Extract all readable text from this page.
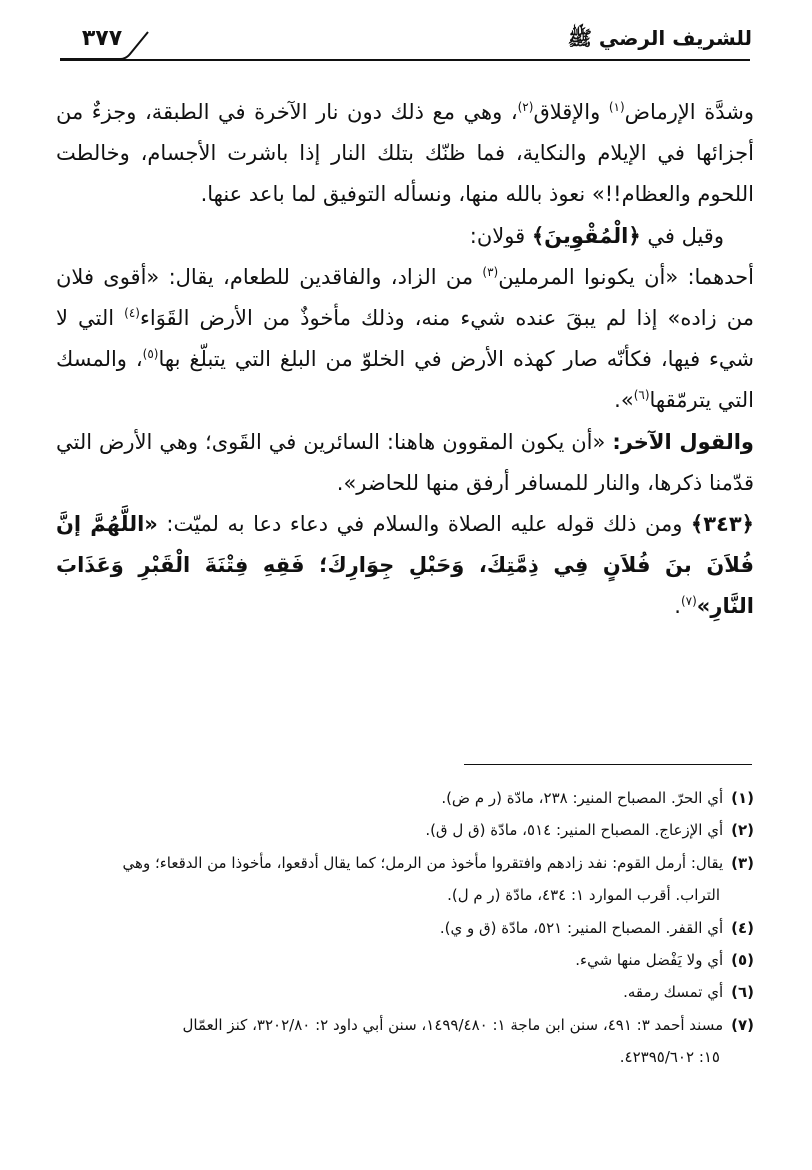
٣٧٧	للشريف الرضي ﷺ

وشدَّة الإرماض$^{(١)}$ والإقلاق$^{(٢)}$، وهي مع ذلك دون نار الآخرة في الطبقة، وجزءٌ من أجزائها في الإيلام والنكاية، فما ظنّك بتلك النار إذا باشرت الأجسام، وخالطت اللحوم والعظام!!» نعوذ بالله منها، ونسأله التوفيق لما باعد عنها.

وقيل في ﴿الْمُقْوِينَ﴾ قولان:

أحدهما: «أن يكونوا المرملين$^{(٣)}$ من الزاد، والفاقدين للطعام، يقال: «أقوى فلان من زاده» إذا لم يبقَ عنده شيء منه، وذلك مأخوذٌ من الأرض القَوَاء$^{(٤)}$ التي لا شيء فيها، فكأنّه صار كهذه الأرض في الخلوّ من البلغ التي يتبلّغ بها$^{(٥)}$، والمسك التي يترمّقها$^{(٦)}$».

والقول الآخر: «أن يكون المقوون هاهنا: السائرين في القَوى؛ وهي الأرض التي قدّمنا ذكرها، والنار للمسافر أرفق منها للحاضر».

﴿٣٤٣﴾ ومن ذلك قوله عليه الصلاة والسلام في دعاء دعا به لميّت: «اللَّهُمَّ إنَّ فُلاَنَ بنَ فُلاَنٍ فِي ذِمَّتِكَ، وَحَبْلِ جِوَارِكَ؛ فَقِهِ فِتْنَةَ الْقَبْرِ وَعَذَابَ النَّارِ»$^{(٧)}$.

(١)أي الحرّ. المصباح المنير: ٢٣٨، مادّة (ر م ض).

(٢)أي الإزعاج. المصباح المنير: ٥١٤، مادّة (ق ل ق).

(٣)يقال: أرمل القوم: نفد زادهم وافتقروا مأخوذ من الرمل؛ كما يقال أدقعوا، مأخوذا من الدقعاء؛ وهي

التراب. أقرب الموارد ١: ٤٣٤، مادّة (ر م ل).

(٤)أي القفر. المصباح المنير: ٥٢١، مادّة (ق و ي).

(٥)أي ولا يَفْضل منها شيء.

(٦)أي تمسك رمقه.

(٧)مسند أحمد ٣: ٤٩١، سنن ابن ماجة ١: ١٤٩٩/٤٨٠، سنن أبي داود ٢: ٣٢٠٢/٨٠، كنز العمّال

١٥: ٤٢٣٩٥/٦٠٢.
